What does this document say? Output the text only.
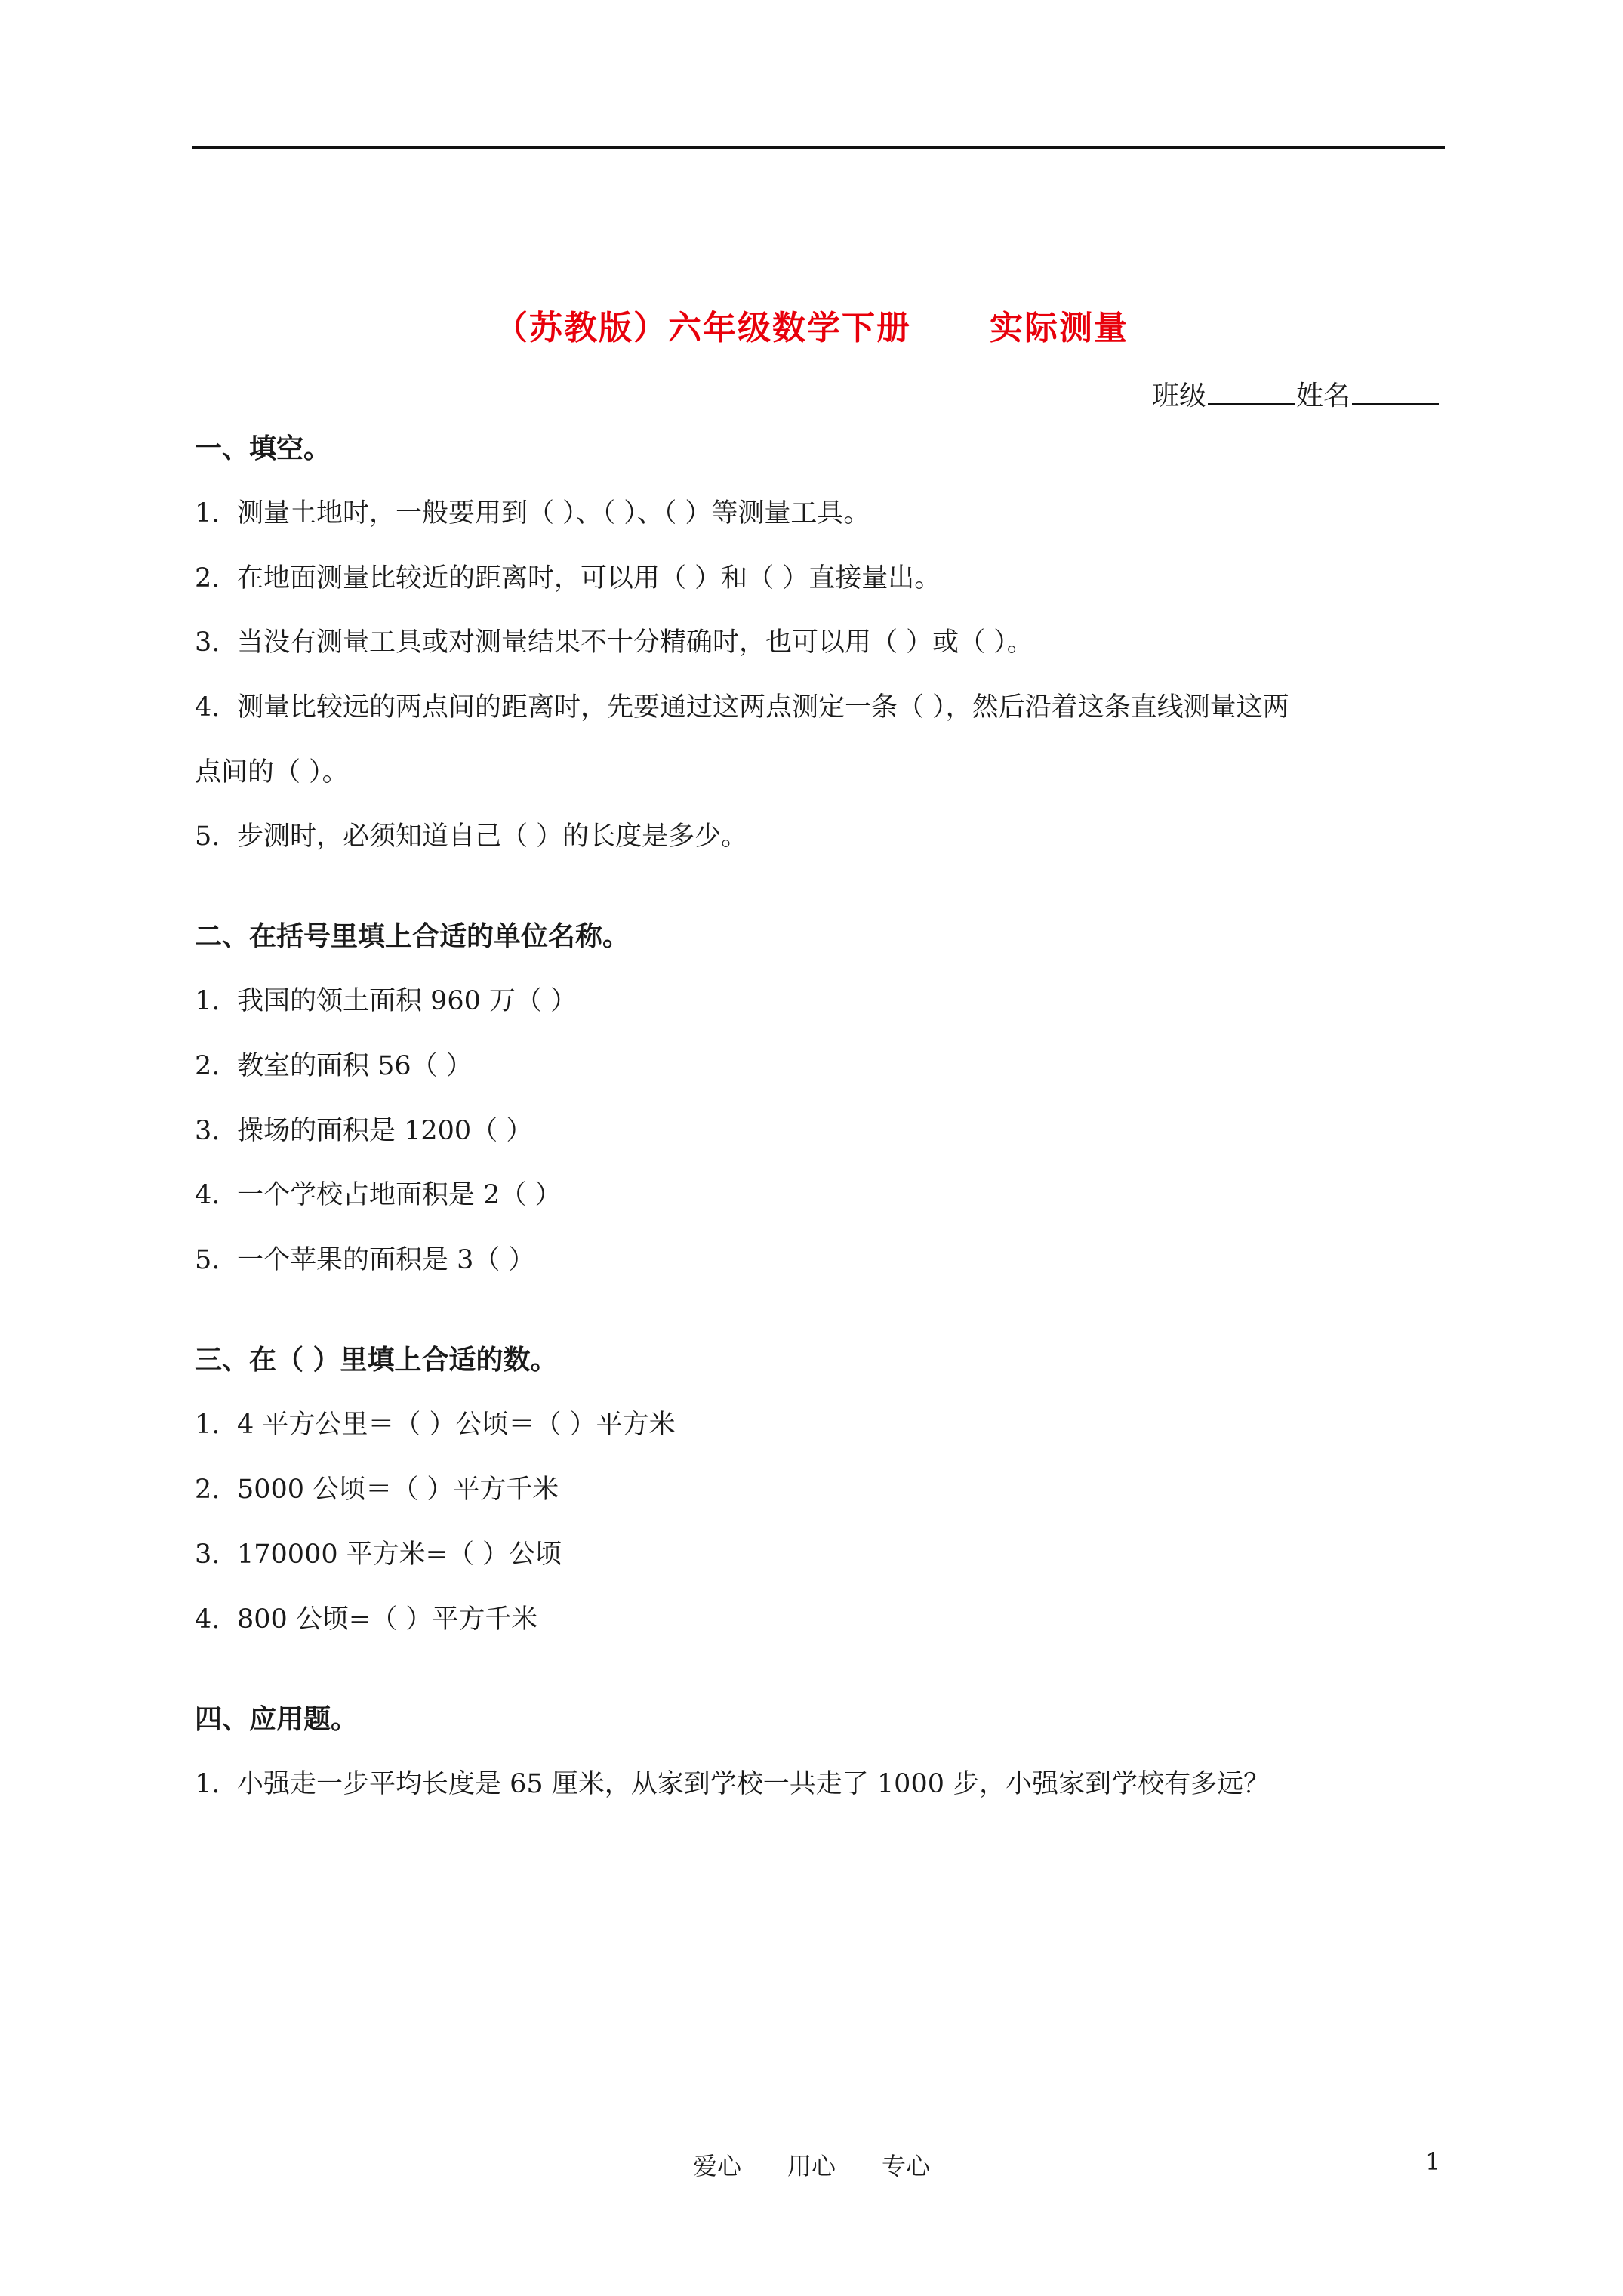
（苏教版）六年级数学下册      实际测量
班级	姓名
一、填空。
1. 测量土地时，一般要用到（ ）、（ ）、（ ）等测量工具。
2. 在地面测量比较近的距离时，可以用（ ）和（ ）直接量出。
3. 当没有测量工具或对测量结果不十分精确时，也可以用（ ）或（ ）。
4. 测量比较远的两点间的距离时，先要通过这两点测定一条（ ），然后沿着这条直线测量这两
点间的（ ）。
5. 步测时，必须知道自己（ ）的长度是多少。
二、在括号里填上合适的单位名称。
1. 我国的领土面积 960 万（ ）
2. 教室的面积 56（ ）
3. 操场的面积是 1200（ ）
4. 一个学校占地面积是 2（ ）
5. 一个苹果的面积是 3（ ）
三、在（ ）里填上合适的数。
1. 4 平方公里＝（ ）公顷＝（ ）平方米
2. 5000 公顷＝（ ）平方千米
3. 170000 平方米=（ ）公顷
4. 800 公顷=（ ）平方千米
四、应用题。
1. 小强走一步平均长度是 65 厘米，从家到学校一共走了 1000 步，小强家到学校有多远？
爱心      用心      专心	1
